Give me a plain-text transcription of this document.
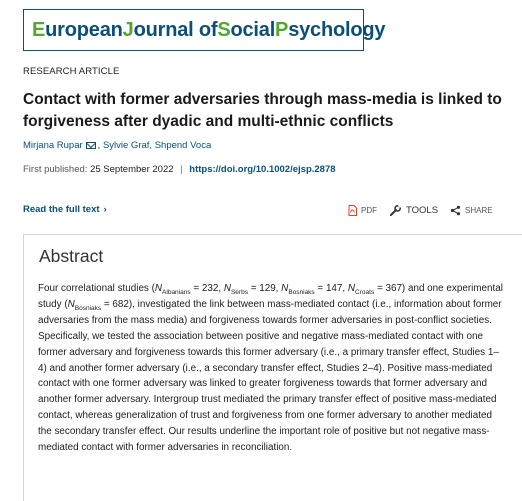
European Journal of Social Psychology
RESEARCH ARTICLE
Contact with former adversaries through mass-media is linked to forgiveness after dyadic and multi-ethnic conflicts
Mirjana Rupar , Sylvie Graf , Shpend Voca
First published: 25 September 2022 | https://doi.org/10.1002/ejsp.2878
Read the full text ›	PDF	TOOLS	SHARE
Abstract

Four correlational studies ($N_{Albanians} = 232$, $N_{Serbs} = 129$, $N_{Bosniaks} = 147$, $N_{Croats} = 367$) and one experimental study $(N_{Bosniaks} = 682)$, investigated the link between mass-mediated contact (i.e., information about former adversaries from the mass media) and forgiveness towards former adversaries in post-conflict societies. Specifically, we tested the association between positive and negative mass-mediated contact with one former adversary and forgiveness towards this former adversary (i.e., a primary transfer effect, Studies 1–4) and another former adversary (i.e., a secondary transfer effect, Studies 2–4). Positive mass-mediated contact with one former adversary was linked to greater forgiveness towards that former adversary and another former adversary. Intergroup trust mediated the primary transfer effect of positive mass-mediated contact, whereas generalization of trust and forgiveness from one former adversary to another mediated the secondary transfer effect. Our results underline the important role of positive but not negative mass-mediated contact with former adversaries in reconciliation.
